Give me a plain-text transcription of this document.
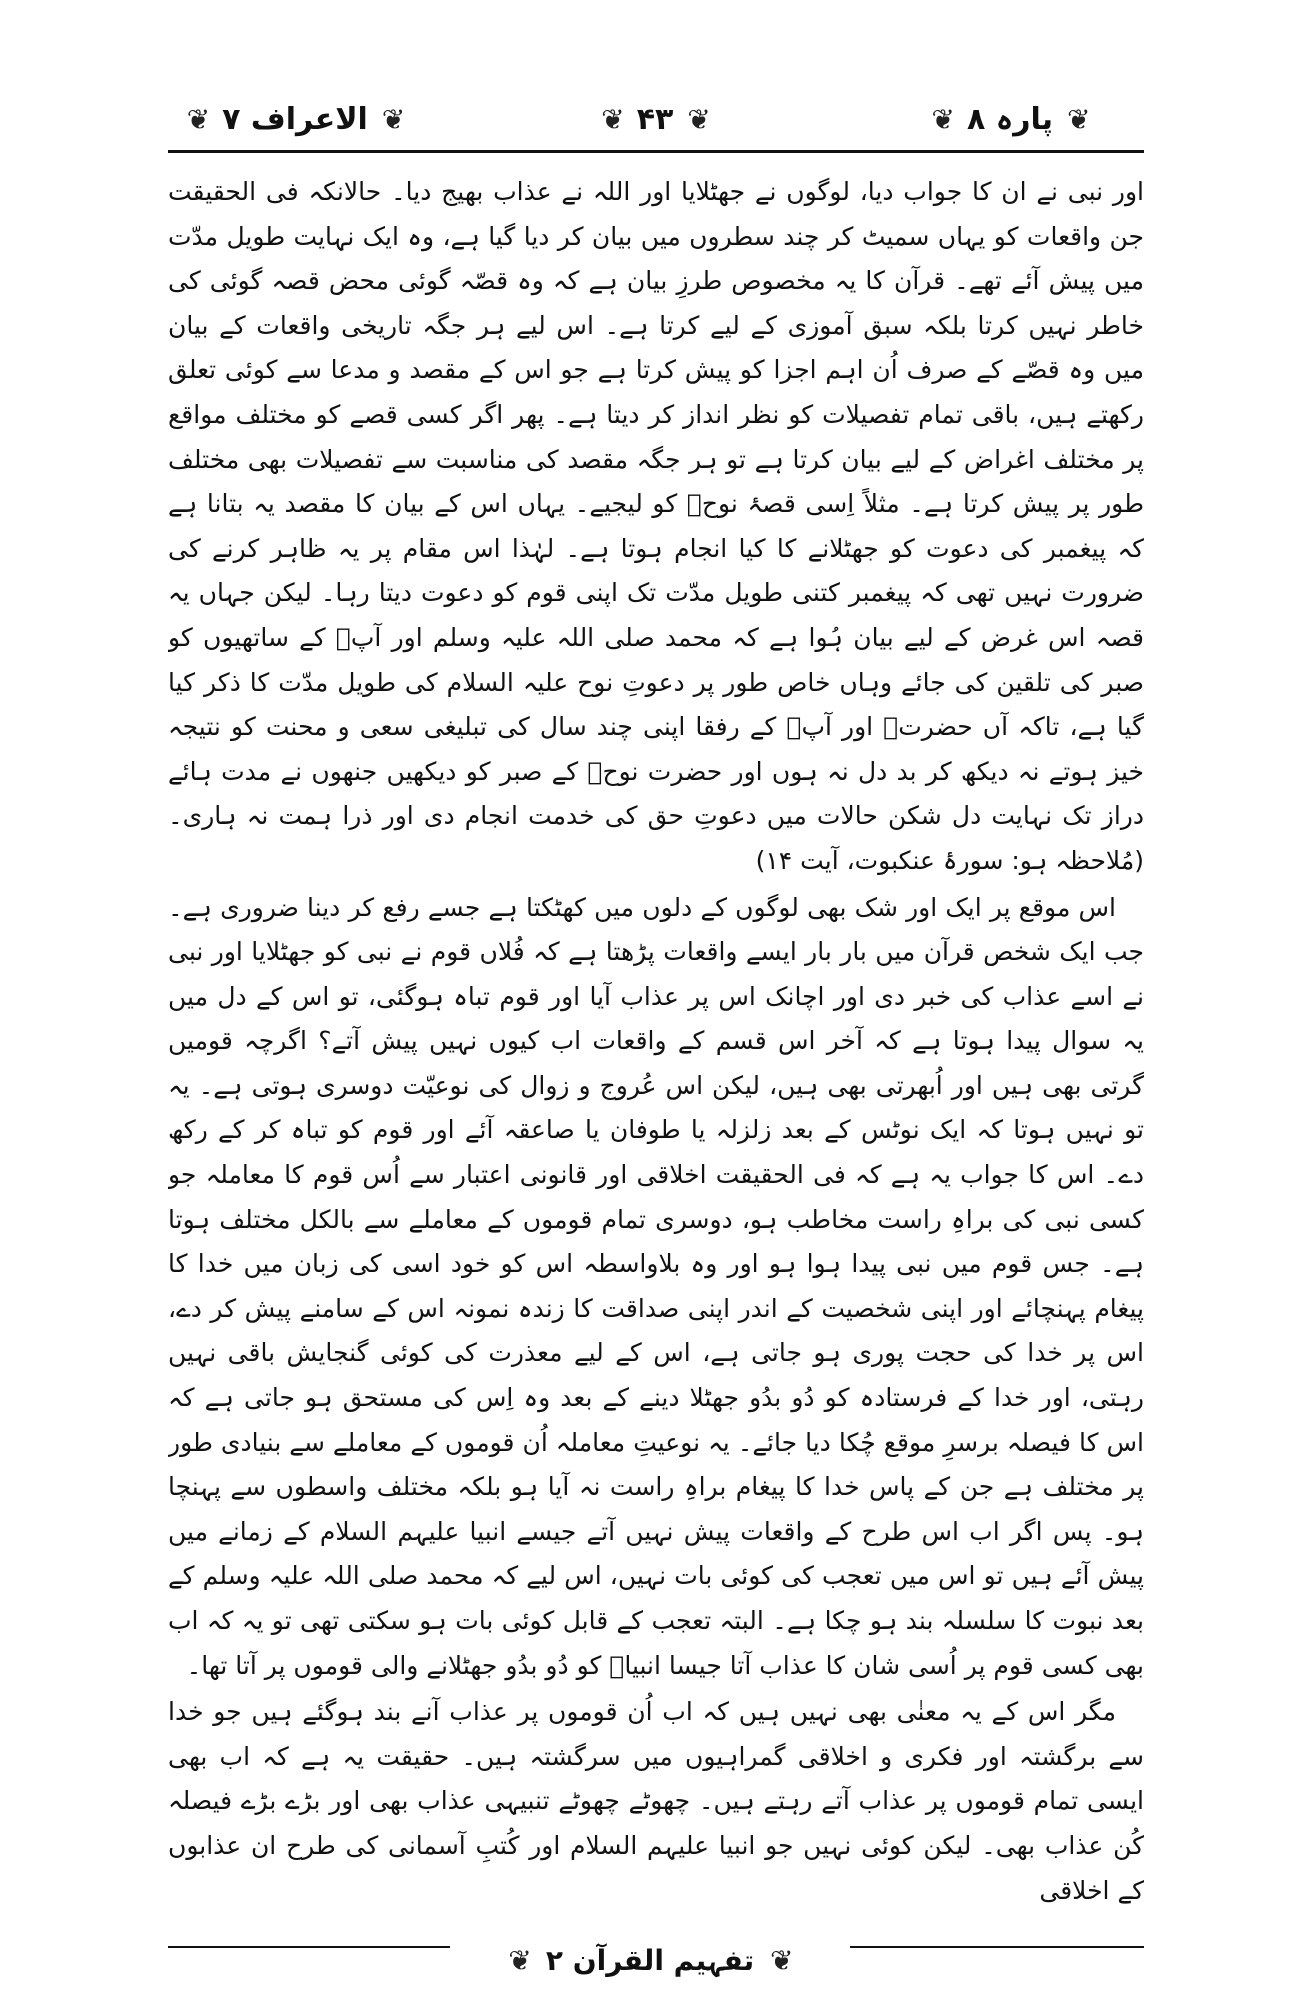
❦
پارہ ۸
❦
❦
۴۳
❦
❦
الاعراف ۷
❦

اور نبی نے ان کا جواب دیا، لوگوں نے جھٹلایا اور اللہ نے عذاب بھیج دیا۔ حالانکہ فی الحقیقت جن واقعات کو یہاں سمیٹ کر چند سطروں میں بیان کر دیا گیا ہے، وہ ایک نہایت طویل مدّت میں پیش آئے تھے۔ قرآن کا یہ مخصوص طرزِ بیان ہے کہ وہ قصّہ گوئی محض قصہ گوئی کی خاطر نہیں کرتا بلکہ سبق آموزی کے لیے کرتا ہے۔ اس لیے ہر جگہ تاریخی واقعات کے بیان میں وہ قصّے کے صرف اُن اہم اجزا کو پیش کرتا ہے جو اس کے مقصد و مدعا سے کوئی تعلق رکھتے ہیں، باقی تمام تفصیلات کو نظر انداز کر دیتا ہے۔ پھر اگر کسی قصے کو مختلف مواقع پر مختلف اغراض کے لیے بیان کرتا ہے تو ہر جگہ مقصد کی مناسبت سے تفصیلات بھی مختلف طور پر پیش کرتا ہے۔ مثلاً اِسی قصۂ نوحؑ کو لیجیے۔ یہاں اس کے بیان کا مقصد یہ بتانا ہے کہ پیغمبر کی دعوت کو جھٹلانے کا کیا انجام ہوتا ہے۔ لہٰذا اس مقام پر یہ ظاہر کرنے کی ضرورت نہیں تھی کہ پیغمبر کتنی طویل مدّت تک اپنی قوم کو دعوت دیتا رہا۔ لیکن جہاں یہ قصہ اس غرض کے لیے بیان ہُوا ہے کہ محمد صلی اللہ علیہ وسلم اور آپؐ کے ساتھیوں کو صبر کی تلقین کی جائے وہاں خاص طور پر دعوتِ نوح علیہ السلام کی طویل مدّت کا ذکر کیا گیا ہے، تاکہ آں حضرتؐ اور آپؐ کے رفقا اپنی چند سال کی تبلیغی سعی و محنت کو نتیجہ خیز ہوتے نہ دیکھ کر بد دل نہ ہوں اور حضرت نوحؑ کے صبر کو دیکھیں جنھوں نے مدت ہائے دراز تک نہایت دل شکن حالات میں دعوتِ حق کی خدمت انجام دی اور ذرا ہمت نہ ہاری۔ (مُلاحظہ ہو: سورۂ عنکبوت، آیت ۱۴)

اس موقع پر ایک اور شک بھی لوگوں کے دلوں میں کھٹکتا ہے جسے رفع کر دینا ضروری ہے۔ جب ایک شخص قرآن میں بار بار ایسے واقعات پڑھتا ہے کہ فُلاں قوم نے نبی کو جھٹلایا اور نبی نے اسے عذاب کی خبر دی اور اچانک اس پر عذاب آیا اور قوم تباہ ہوگئی، تو اس کے دل میں یہ سوال پیدا ہوتا ہے کہ آخر اس قسم کے واقعات اب کیوں نہیں پیش آتے؟ اگرچہ قومیں گرتی بھی ہیں اور اُبھرتی بھی ہیں، لیکن اس عُروج و زوال کی نوعیّت دوسری ہوتی ہے۔ یہ تو نہیں ہوتا کہ ایک نوٹس کے بعد زلزلہ یا طوفان یا صاعقہ آئے اور قوم کو تباہ کر کے رکھ دے۔ اس کا جواب یہ ہے کہ فی الحقیقت اخلاقی اور قانونی اعتبار سے اُس قوم کا معاملہ جو کسی نبی کی براہِ راست مخاطب ہو، دوسری تمام قوموں کے معاملے سے بالکل مختلف ہوتا ہے۔ جس قوم میں نبی پیدا ہوا ہو اور وہ بلاواسطہ اس کو خود اسی کی زبان میں خدا کا پیغام پہنچائے اور اپنی شخصیت کے اندر اپنی صداقت کا زندہ نمونہ اس کے سامنے پیش کر دے، اس پر خدا کی حجت پوری ہو جاتی ہے، اس کے لیے معذرت کی کوئی گنجایش باقی نہیں رہتی، اور خدا کے فرستادہ کو دُو بدُو جھٹلا دینے کے بعد وہ اِس کی مستحق ہو جاتی ہے کہ اس کا فیصلہ برسرِ موقع چُکا دیا جائے۔ یہ نوعیتِ معاملہ اُن قوموں کے معاملے سے بنیادی طور پر مختلف ہے جن کے پاس خدا کا پیغام براہِ راست نہ آیا ہو بلکہ مختلف واسطوں سے پہنچا ہو۔ پس اگر اب اس طرح کے واقعات پیش نہیں آتے جیسے انبیا علیہم السلام کے زمانے میں پیش آئے ہیں تو اس میں تعجب کی کوئی بات نہیں، اس لیے کہ محمد صلی اللہ علیہ وسلم کے بعد نبوت کا سلسلہ بند ہو چکا ہے۔ البتہ تعجب کے قابل کوئی بات ہو سکتی تھی تو یہ کہ اب بھی کسی قوم پر اُسی شان کا عذاب آتا جیسا انبیاؑ کو دُو بدُو جھٹلانے والی قوموں پر آتا تھا۔

مگر اس کے یہ معنٰی بھی نہیں ہیں کہ اب اُن قوموں پر عذاب آنے بند ہوگئے ہیں جو خدا سے برگشتہ اور فکری و اخلاقی گمراہیوں میں سرگشتہ ہیں۔ حقیقت یہ ہے کہ اب بھی ایسی تمام قوموں پر عذاب آتے رہتے ہیں۔ چھوٹے چھوٹے تنبیہی عذاب بھی اور بڑے بڑے فیصلہ کُن عذاب بھی۔ لیکن کوئی نہیں جو انبیا علیہم السلام اور کُتبِ آسمانی کی طرح ان عذابوں کے اخلاقی

❦
تفہیم القرآن ۲
❦
